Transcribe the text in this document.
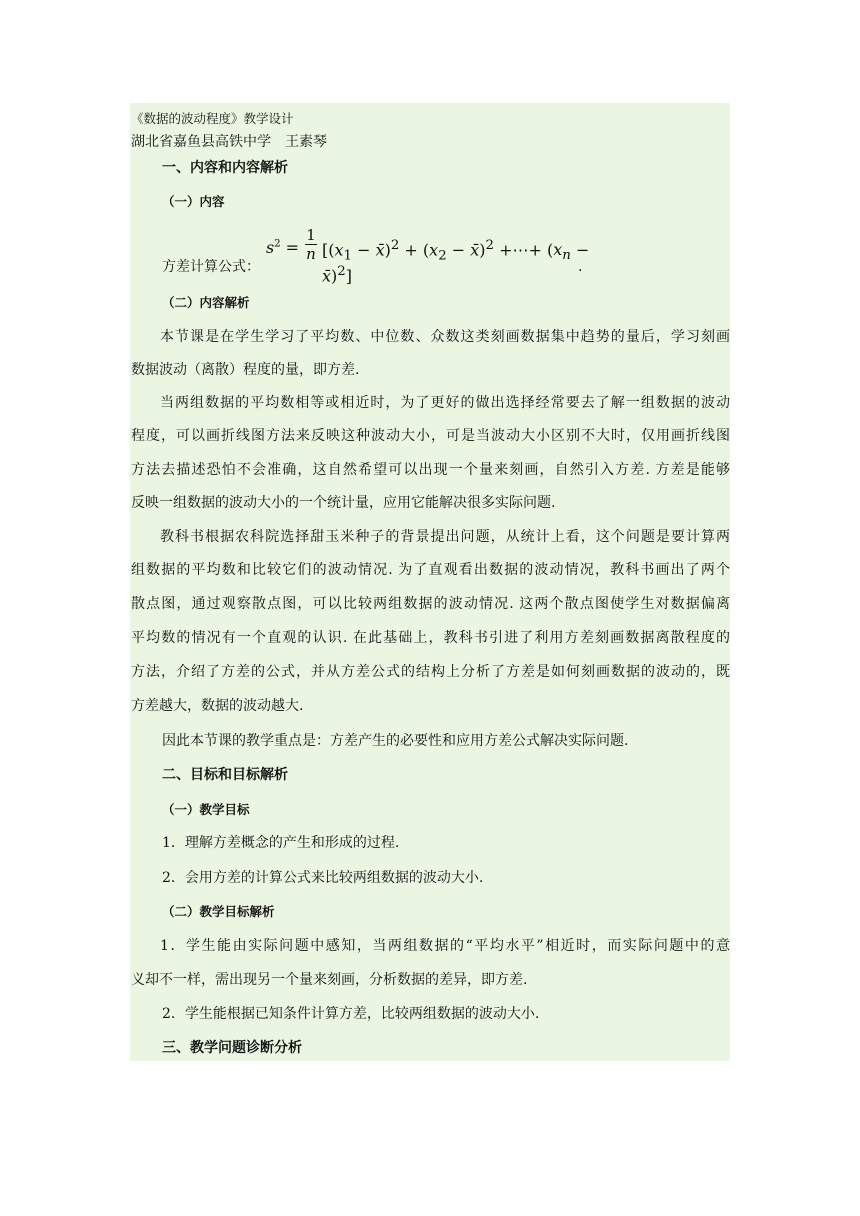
《数据的波动程度》教学设计
湖北省嘉鱼县高铁中学　王素琴
一、内容和内容解析
（一）内容
方差计算公式：
$s^2$ =
1
n [($x_1$ − x̄)$^2$ + ($x_2$ − x̄)$^2$ +⋯+ ($x_n$ − x̄)$^2$]	.
（二）内容解析
本节课是在学生学习了平均数、中位数、众数这类刻画数据集中趋势的量后，学习刻画
数据波动（离散）程度的量，即方差.
当两组数据的平均数相等或相近时，为了更好的做出选择经常要去了解一组数据的波动
程度，可以画折线图方法来反映这种波动大小，可是当波动大小区别不大时，仅用画折线图
方法去描述恐怕不会准确，这自然希望可以出现一个量来刻画，自然引入方差. 方差是能够
反映一组数据的波动大小的一个统计量，应用它能解决很多实际问题.
教科书根据农科院选择甜玉米种子的背景提出问题，从统计上看，这个问题是要计算两
组数据的平均数和比较它们的波动情况. 为了直观看出数据的波动情况，教科书画出了两个
散点图，通过观察散点图，可以比较两组数据的波动情况. 这两个散点图使学生对数据偏离
平均数的情况有一个直观的认识. 在此基础上，教科书引进了利用方差刻画数据离散程度的
方法，介绍了方差的公式，并从方差公式的结构上分析了方差是如何刻画数据的波动的，既
方差越大，数据的波动越大.
因此本节课的教学重点是：方差产生的必要性和应用方差公式解决实际问题.
二、目标和目标解析
（一）教学目标
1．理解方差概念的产生和形成的过程.
2．会用方差的计算公式来比较两组数据的波动大小.
（二）教学目标解析
1．学生能由实际问题中感知，当两组数据的“平均水平”相近时，而实际问题中的意
义却不一样，需出现另一个量来刻画，分析数据的差异，即方差.
2．学生能根据已知条件计算方差，比较两组数据的波动大小.
三、教学问题诊断分析
